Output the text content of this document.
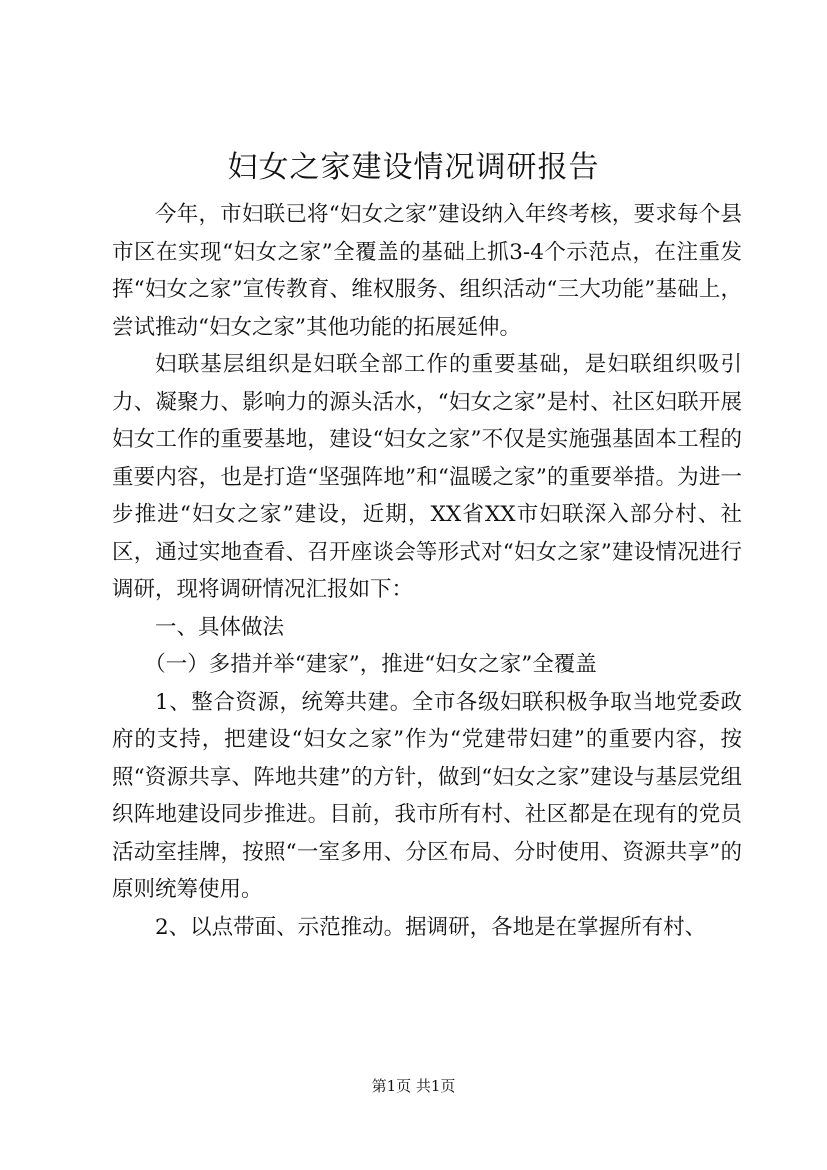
妇女之家建设情况调研报告

今年，市妇联已将“妇女之家”建设纳入年终考核，要求每个县市区在实现“妇女之家”全覆盖的基础上抓3-4个示范点，在注重发挥“妇女之家”宣传教育、维权服务、组织活动“三大功能”基础上，尝试推动“妇女之家”其他功能的拓展延伸。

妇联基层组织是妇联全部工作的重要基础，是妇联组织吸引力、凝聚力、影响力的源头活水，“妇女之家”是村、社区妇联开展妇女工作的重要基地，建设“妇女之家”不仅是实施强基固本工程的重要内容，也是打造“坚强阵地”和“温暖之家”的重要举措。为进一步推进“妇女之家”建设，近期，XX省XX市妇联深入部分村、社区，通过实地查看、召开座谈会等形式对“妇女之家”建设情况进行调研，现将调研情况汇报如下：

一、具体做法

（一）多措并举“建家”，推进“妇女之家”全覆盖

1、整合资源，统筹共建。全市各级妇联积极争取当地党委政府的支持，把建设“妇女之家”作为“党建带妇建”的重要内容，按照“资源共享、阵地共建”的方针，做到“妇女之家”建设与基层党组织阵地建设同步推进。目前，我市所有村、社区都是在现有的党员活动室挂牌，按照“一室多用、分区布局、分时使用、资源共享”的原则统筹使用。

2、以点带面、示范推动。据调研，各地是在掌握所有村、

第1页 共1页
